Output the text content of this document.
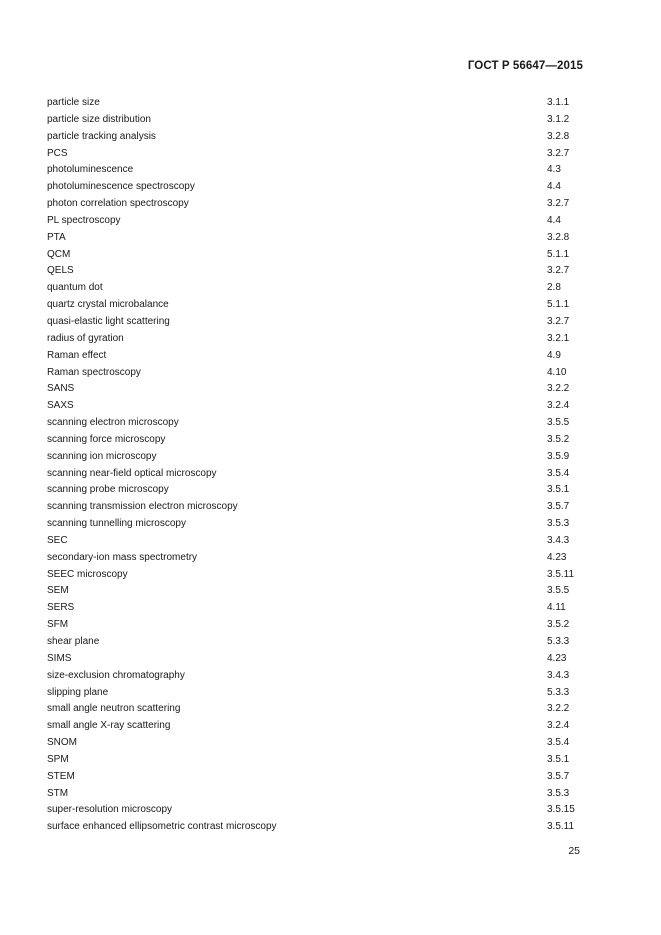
ГОСТ Р 56647—2015
particle size	3.1.1
particle size distribution	3.1.2
particle tracking analysis	3.2.8
PCS	3.2.7
photoluminescence	4.3
photoluminescence spectroscopy	4.4
photon correlation spectroscopy	3.2.7
PL spectroscopy	4.4
PTA	3.2.8
QCM	5.1.1
QELS	3.2.7
quantum dot	2.8
quartz crystal microbalance	5.1.1
quasi-elastic light scattering	3.2.7
radius of gyration	3.2.1
Raman effect	4.9
Raman spectroscopy	4.10
SANS	3.2.2
SAXS	3.2.4
scanning electron microscopy	3.5.5
scanning force microscopy	3.5.2
scanning ion microscopy	3.5.9
scanning near-field optical microscopy	3.5.4
scanning probe microscopy	3.5.1
scanning transmission electron microscopy	3.5.7
scanning tunnelling microscopy	3.5.3
SEC	3.4.3
secondary-ion mass spectrometry	4.23
SEEC microscopy	3.5.11
SEM	3.5.5
SERS	4.11
SFM	3.5.2
shear plane	5.3.3
SIMS	4.23
size-exclusion chromatography	3.4.3
slipping plane	5.3.3
small angle neutron scattering	3.2.2
small angle X-ray scattering	3.2.4
SNOM	3.5.4
SPM	3.5.1
STEM	3.5.7
STM	3.5.3
super-resolution microscopy	3.5.15
surface enhanced ellipsometric contrast microscopy	3.5.11
25
